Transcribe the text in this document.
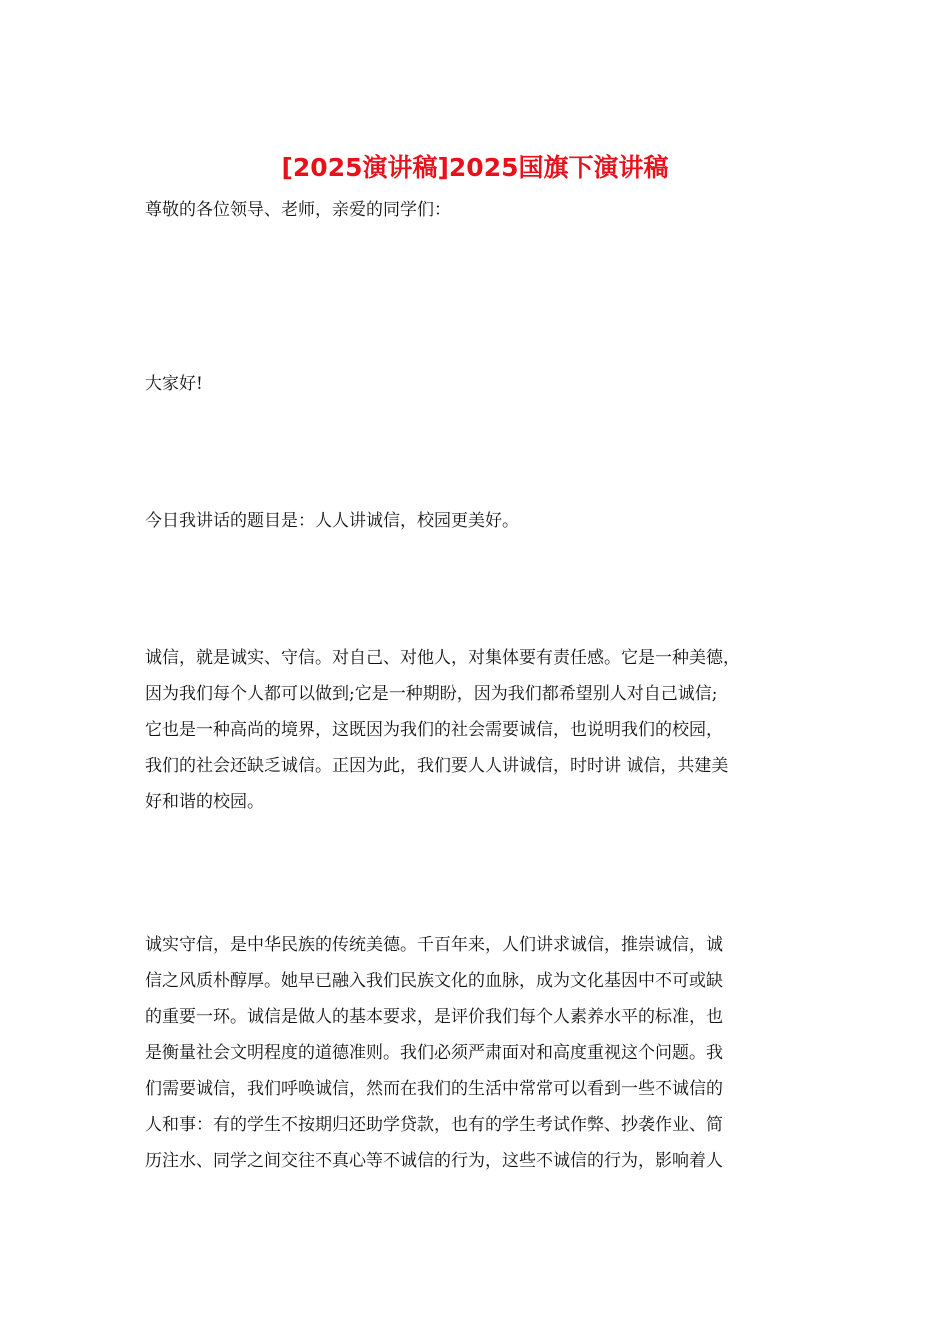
[2025演讲稿]2025国旗下演讲稿

尊敬的各位领导、老师，亲爱的同学们：

大家好!

今日我讲话的题目是：人人讲诚信，校园更美好。

诚信，就是诚实、守信。对自己、对他人，对集体要有责任感。它是一种美德，

因为我们每个人都可以做到;它是一种期盼，因为我们都希望别人对自己诚信;

它也是一种高尚的境界，这既因为我们的社会需要诚信，也说明我们的校园，

我们的社会还缺乏诚信。正因为此，我们要人人讲诚信，时时讲 诚信，共建美

好和谐的校园。

诚实守信，是中华民族的传统美德。千百年来，人们讲求诚信，推崇诚信，诚

信之风质朴醇厚。她早已融入我们民族文化的血脉，成为文化基因中不可或缺

的重要一环。诚信是做人的基本要求，是评价我们每个人素养水平的标准，也

是衡量社会文明程度的道德准则。我们必须严肃面对和高度重视这个问题。我

们需要诚信，我们呼唤诚信，然而在我们的生活中常常可以看到一些不诚信的

人和事：有的学生不按期归还助学贷款，也有的学生考试作弊、抄袭作业、简

历注水、同学之间交往不真心等不诚信的行为，这些不诚信的行为，影响着人
